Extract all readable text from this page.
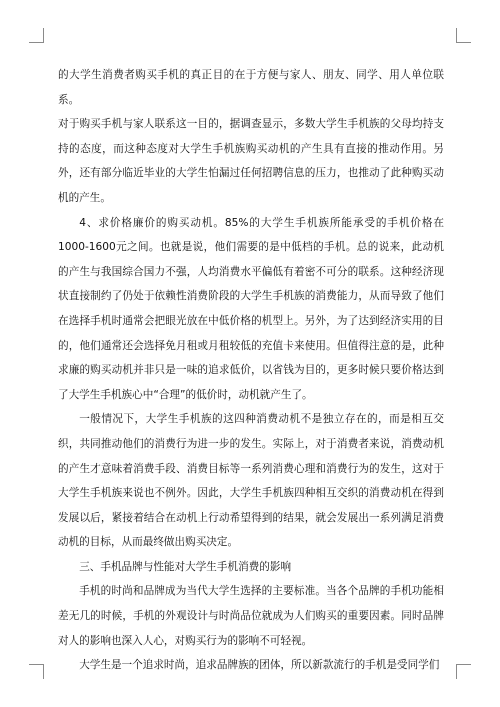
的大学生消费者购买手机的真正目的在于方便与家人、朋友、同学、用人单位联系。

对于购买手机与家人联系这一目的，据调查显示，多数大学生手机族的父母均持支持的态度，而这种态度对大学生手机族购买动机的产生具有直接的推动作用。另外，还有部分临近毕业的大学生怕漏过任何招聘信息的压力，也推动了此种购买动机的产生。

4、求价格廉价的购买动机。85%的大学生手机族所能承受的手机价格在1000-1600元之间。也就是说，他们需要的是中低档的手机。总的说来，此动机的产生与我国综合国力不强，人均消费水平偏低有着密不可分的联系。这种经济现状直接制约了仍处于依赖性消费阶段的大学生手机族的消费能力，从而导致了他们在选择手机时通常会把眼光放在中低价格的机型上。另外，为了达到经济实用的目的，他们通常还会选择免月租或月租较低的充值卡来使用。但值得注意的是，此种求廉的购买动机并非只是一味的追求低价，以省钱为目的，更多时候只要价格达到了大学生手机族心中“合理”的低价时，动机就产生了。

一般情况下，大学生手机族的这四种消费动机不是独立存在的，而是相互交织，共同推动他们的消费行为进一步的发生。实际上，对于消费者来说，消费动机的产生才意味着消费手段、消费目标等一系列消费心理和消费行为的发生，这对于大学生手机族来说也不例外。因此，大学生手机族四种相互交织的消费动机在得到发展以后，紧接着结合在动机上行动希望得到的结果，就会发展出一系列满足消费动机的目标，从而最终做出购买决定。

三、手机品牌与性能对大学生手机消费的影响

手机的时尚和品牌成为当代大学生选择的主要标准。当各个品牌的手机功能相差无几的时候，手机的外观设计与时尚品位就成为人们购买的重要因素。同时品牌对人的影响也深入人心，对购买行为的影响不可轻视。

大学生是一个追求时尚，追求品牌族的团体，所以新款流行的手机是受同学们
